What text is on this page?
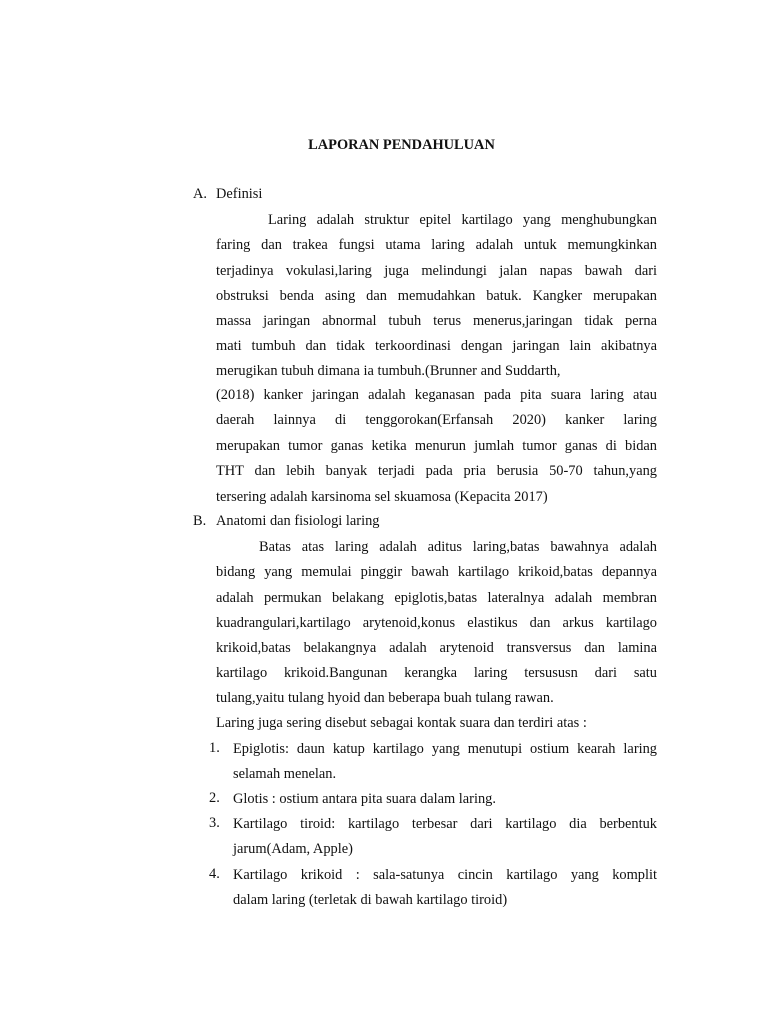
LAPORAN PENDAHULUAN
A. Definisi
Laring adalah struktur epitel kartilago yang menghubungkan
faring dan trakea fungsi utama laring adalah untuk memungkinkan
terjadinya vokulasi,laring juga melindungi jalan napas bawah dari
obstruksi benda asing dan memudahkan batuk. Kangker merupakan
massa jaringan abnormal tubuh terus menerus,jaringan tidak perna
mati tumbuh dan tidak terkoordinasi dengan jaringan lain akibatnya
merugikan tubuh dimana ia tumbuh.(Brunner and Suddarth,
(2018) kanker jaringan adalah keganasan pada pita suara laring atau
daerah lainnya di tenggorokan(Erfansah 2020) kanker laring
merupakan tumor ganas ketika menurun jumlah tumor ganas di bidan
THT dan lebih banyak terjadi pada pria berusia 50-70 tahun,yang
tersering adalah karsinoma sel skuamosa (Kepacita 2017)
B. Anatomi dan fisiologi laring
Batas atas laring adalah aditus laring,batas bawahnya adalah
bidang yang memulai pinggir bawah kartilago krikoid,batas depannya
adalah permukan belakang epiglotis,batas lateralnya adalah membran
kuadrangulari,kartilago arytenoid,konus elastikus dan arkus kartilago
krikoid,batas belakangnya adalah arytenoid transversus dan lamina
kartilago krikoid.Bangunan kerangka laring tersususn dari satu
tulang,yaitu tulang hyoid dan beberapa buah tulang rawan.
Laring juga sering disebut sebagai kontak suara dan terdiri atas :
1. Epiglotis: daun katup kartilago yang menutupi ostium kearah laring
selamah menelan.
2. Glotis : ostium antara pita suara dalam laring.
3. Kartilago tiroid: kartilago terbesar dari kartilago dia berbentuk
jarum(Adam, Apple)
4. Kartilago krikoid : sala-satunya cincin kartilago yang komplit
dalam laring (terletak di bawah kartilago tiroid)
